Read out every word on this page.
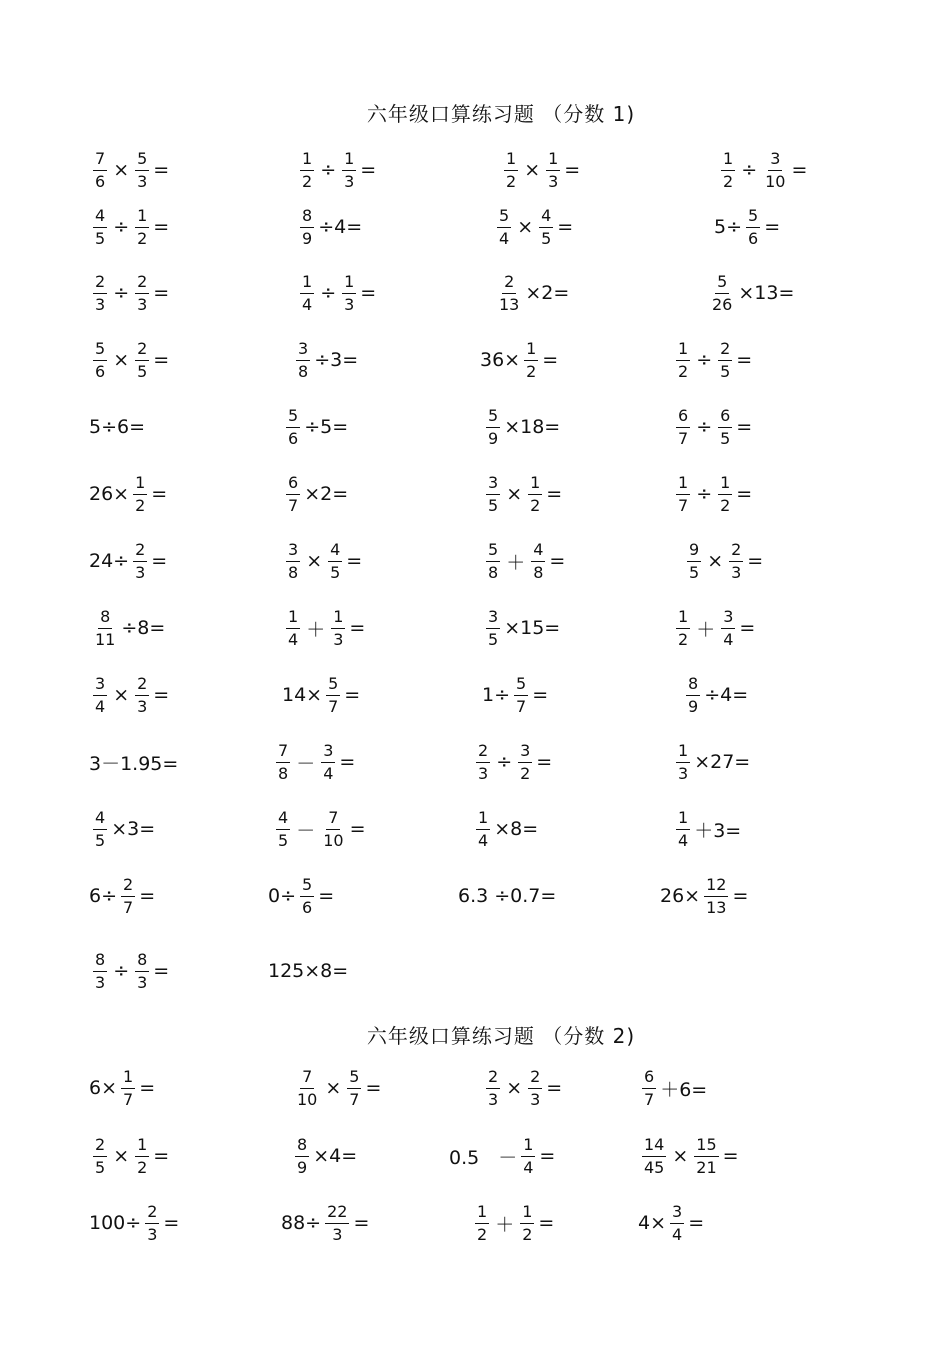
六年级口算练习题 （分数 1)
$\frac{7}{6} \times \frac{5}{3}$ =	$\frac{1}{2} \div \frac{1}{3}$ =	$\frac{1}{2} \times \frac{1}{3}$ =	$\frac{1}{2} \div \frac{3}{10}$ =
$\frac{4}{5} \div \frac{1}{2}$ =	$\frac{8}{9} \div 4=$	$\frac{5}{4} \times \frac{4}{5}$ =	$5\div \frac{5}{6}$ =
$\frac{2}{3} \div \frac{2}{3}$ =	$\frac{1}{4} \div \frac{1}{3}$ =	$\frac{2}{13} \times 2=$	$\frac{5}{26} \times 13=$
$\frac{5}{6} \times \frac{2}{5}$ =	$\frac{3}{8} \div 3=$	$36\times \frac{1}{2}$ =	$\frac{1}{2} \div \frac{2}{5}$ =
5÷6=	$\frac{5}{6} \div 5=$	$\frac{5}{9} \times 18=$	$\frac{6}{7} \div \frac{6}{5}$ =
$26\times \frac{1}{2}$ =	$\frac{6}{7} \times 2=$	$\frac{3}{5} \times \frac{1}{2}$ =	$\frac{1}{7} \div \frac{1}{2}$ =
$24\div \frac{2}{3}$ =	$\frac{3}{8} \times \frac{4}{5}$ =	$\frac{5}{8} + \frac{4}{8}$ =	$\frac{9}{5} \times \frac{2}{3}$ =
$\frac{8}{11} \div 8=$	$\frac{1}{4} + \frac{1}{3}$ =	$\frac{3}{5} \times 15=$	$\frac{1}{2} + \frac{3}{4}$ =
$\frac{3}{4} \times \frac{2}{3}$ =	$14\times \frac{5}{7}$ =	$1\div \frac{5}{7}$ =	$\frac{8}{9} \div 4=$
3－1.95=	$\frac{7}{8} - \frac{3}{4}$ =	$\frac{2}{3} \div \frac{3}{2}$ =	$\frac{1}{3} \times 27=$
$\frac{4}{5} \times 3=$	$\frac{4}{5} - \frac{7}{10}$ =	$\frac{1}{4} \times 8=$	$\frac{1}{4} +3=$
$6\div \frac{2}{7}$ =	$0\div \frac{5}{6}$ =	6.3 ÷0.7=	$26\times \frac{12}{13}$ =
$\frac{8}{3} \div \frac{8}{3}$ =	125×8=
六年级口算练习题 （分数 2)
$6\times \frac{1}{7}$ =	$\frac{7}{10} \times \frac{5}{7}$ =	$\frac{2}{3} \times \frac{2}{3}$ =	$\frac{6}{7} +6=$
$\frac{2}{5} \times \frac{1}{2}$ =	$\frac{8}{9} \times 4=$	0.5　－ $\frac{1}{4}$ =	$\frac{14}{45} \times \frac{15}{21}$ =
$100\div \frac{2}{3}$ =	$88\div \frac{22}{3}$ =	$\frac{1}{2} + \frac{1}{2}$ =	$4\times \frac{3}{4}$ =
